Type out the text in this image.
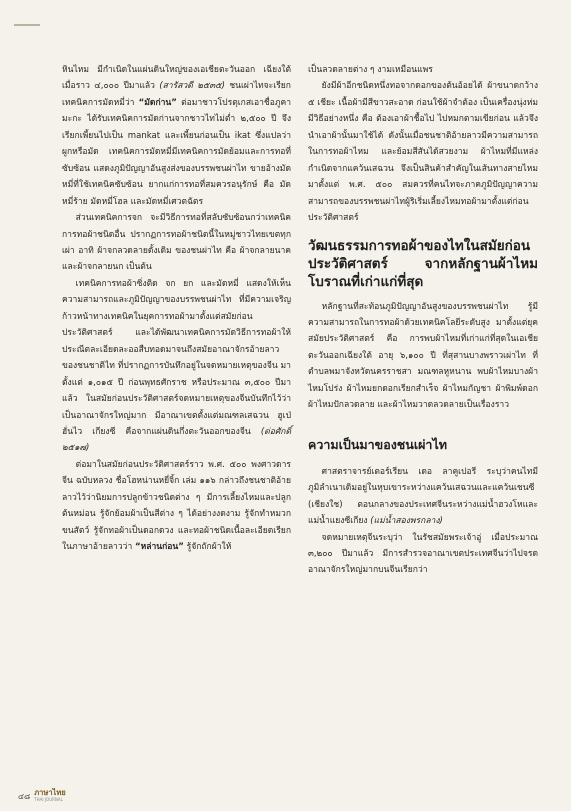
หินไหม มีกำเนิดในแผ่นดินใหญ่ของเอเชียตะวันออก เฉียงใต้เมื่อราว ๔,๐๐๐ ปีมาแล้ว (สารัสวดี ๒๕๓๕) ชนเผ่าไทจะเรียกเทคนิคการมัดหมี่ว่า “มัดก่าน” ต่อมาชาวโปรตุเกสเอาชื่อภูคามะกะ ได้รับเทคนิคการมัดก่านจากชาวไทไม่ต่ำ ๒,๕๐๐ ปี จึงเรียกเพี้ยนไปเป็น mankat และเพี้ยนก่อนเป็น ikat ซึ่งแปลว่า ผูกหรือมัด เทคนิคการมัดหมี่มีเทคนิคการมัดย้อมและการทอที่ซับซ้อน แสดงภูมิปัญญาอันสูงส่งของบรรพชนผ่าไท ขายอ้างมัดหมี่ที่ใช้เทคนิคซับซ้อน ยากแก่การทอที่สมควรอนุรักษ์ คือ มัดหมี่ร้าย มัดหมี่โฮล และมัดหมี่เศวตฉัตร

ส่วนเทคนิคการจก จะมีวิธีการทอที่สลับซับซ้อนกว่าเทคนิคการทอผ้าชนิดอื่น ปรากฏการทอผ้าชนิดนี้ในหมู่ชาวไทยเขตทุกเผ่า อาทิ ผ้าจกลวดลายดั้งเดิม ของชนผ่าไท คือ ผ้าจกลายนาค และผ้าจกลายนก เป็นต้น

เทคนิคการทอผ้าซิ่งติด จก ยก และมัดหมี่ แสดงให้เห็นความสามารถและภูมิปัญญาของบรรพชนผ่าไท ที่มีความเจริญก้าวหน้าทางเทคนิคในยุคการทอผ้ามาตั้งแต่สมัยก่อนประวัติศาสตร์ และได้พัฒนาเทคนิคการมัดวิธีการทอผ้าให้ประณีตละเอียดละออสืบทอดมาจนถึงสมัยอาณาจักรอ้ายลาว ของชนชาติไท ที่ปรากฏการบันทึกอยู่ในจดหมายเหตุของจีน มาตั้งแต่ ๑,๐๑๕ ปี ก่อนพุทธศักราช หรือประมาณ ๓,๕๐๐ ปีมาแล้ว ในสมัยก่อนประวัติศาสตร์จดหมายเหตุของจีนบันทึกไว้ว่า เป็นอาณาจักรใหญ่มาก มีอาณาเขตตั้งแต่มณฑลเสฉวน ฮูเป่ ฮั่นไว เกียงซี คือจากแผ่นดินกึ่งตะวันออกของจีน (ต่อศักดิ์ ๒๕๑๗)

ต่อมาในสมัยก่อนประวัติศาสตร์ราว พ.ศ. ๕๐๐ พงศาวดารจีน ฉบับหลวง ชื่อโฮหน่านหยี่จิ้ก เล่ม ๑๑๖ กล่าวถึงชนชาติอ้ายลาวไว้ว่านิยมการปลูกข้าวชนิดต่าง ๆ มีการเลี้ยงไหมและปลูกต้นหม่อน รู้จักย้อมผ้าเป็นสีต่าง ๆ ได้อย่างงดงาม รู้จักทำหมวก ขนสัตว์ รู้จักทอผ้าเป็นดอกดวง และทอผ้าชนิดเนื้อละเอียดเรียกในภาษาอ้ายลาวว่า “หล่านก่อน” รู้จักถักผ้าให้

เป็นลวดลายต่าง ๆ งามเหมือนแพร

ยังมีผ้าอีกชนิดหนึ่งทอจากดอกของต้นอ้อยได้ ผ้าขนาดกว้าง ๕ เชียะ เนื้อผ้ามีสีขาวสะอาด ก่อนใช้ผ้าจำต้อง เป็นเครื่องนุ่งห่มมีวิธีอย่างหนึ่ง คือ ต้องเอาผ้าชื้อไป ไปหมกตามเขียก่อน แล้วจึงนำเอาผ้านั้นมาใช้ได้ ดังนั้นเมื่อชนชาติอ้ายลาวมีความสามารถในการทอผ้าไหม และย้อมสีสันได้สวยงาม ผ้าไหมที่มีแหล่งกำเนิดจากแคว้นเสฉวน จึงเป็นสินค้าสำคัญในเส้นทางสายไหมมาตั้งแต่ พ.ศ. ๕๐๐ สมควรที่คนไทจะภาคภูมิปัญญาความสามารถของบรรพชนผ่าไทผู้ริเริ่มเลี้ยงไหมทอผ้ามาตั้งแต่ก่อนประวัติศาสตร์

วัฒนธรรมการทอผ้าของไทในสมัยก่อนประวัติศาสตร์ จากหลักฐานผ้าไหมโบราณที่เก่าแก่ที่สุด

หลักฐานที่สะท้อนภูมิปัญญาอันสูงของบรรพชนผ่าไท รู้มีความสามารถในการทอผ้าด้วยเทคนิคโลยีระดับสูง มาตั้งแต่ยุคสมัยประวัติศาสตร์ คือ การพบผ้าไหมที่เก่าแก่ที่สุดในเอเชียตะวันออกเฉียงใต้ อายุ ๖,๑๐๐ ปี ที่สุสานบางพราวเผ่าไท ที่ตำบลพมาจังหวัดนครราชสา มณฑลหูหนาน พบผ้าไหมบางผ้าไหมโปร่ง ผ้าไหมยกดอกเรียกสำเร็จ ผ้าไหมกัญชา ผ้าพิมพ์ดอก ผ้าไหมปักลวดลาย และผ้าไหมวาดลวดลายเป็นเรื่องราว

ความเป็นมาของชนเผ่าไท

ศาสตราจารย์เตอร์เรียน เดอ ลาคูเปอรี ระบุว่าคนไทมีภูมิลำเนาเดิมอยู่ในหุบเขาระหว่างแคว้นเสฉวนและแคว้นเชนซี (เชียงใช) ตอนกลางของประเทศจีนระหว่างแม่น้ำฮวงโหและแม่น้ำแยงซีเกียง (แม่น้ำสองพรกลาง)

จดหมายเหตุจีนระบุว่า ในรัชสมัยพระเจ้าอู่ เมื่อประมาณ ๓,๒๐๐ ปีมาแล้ว มีการสำรวจอาณาเขตประเทศจีนว่าไปจรดอาณาจักรใหญ่มากบนจีนเรียกว่า

๔๘ ภาษาไทย
THAI JOURNAL
